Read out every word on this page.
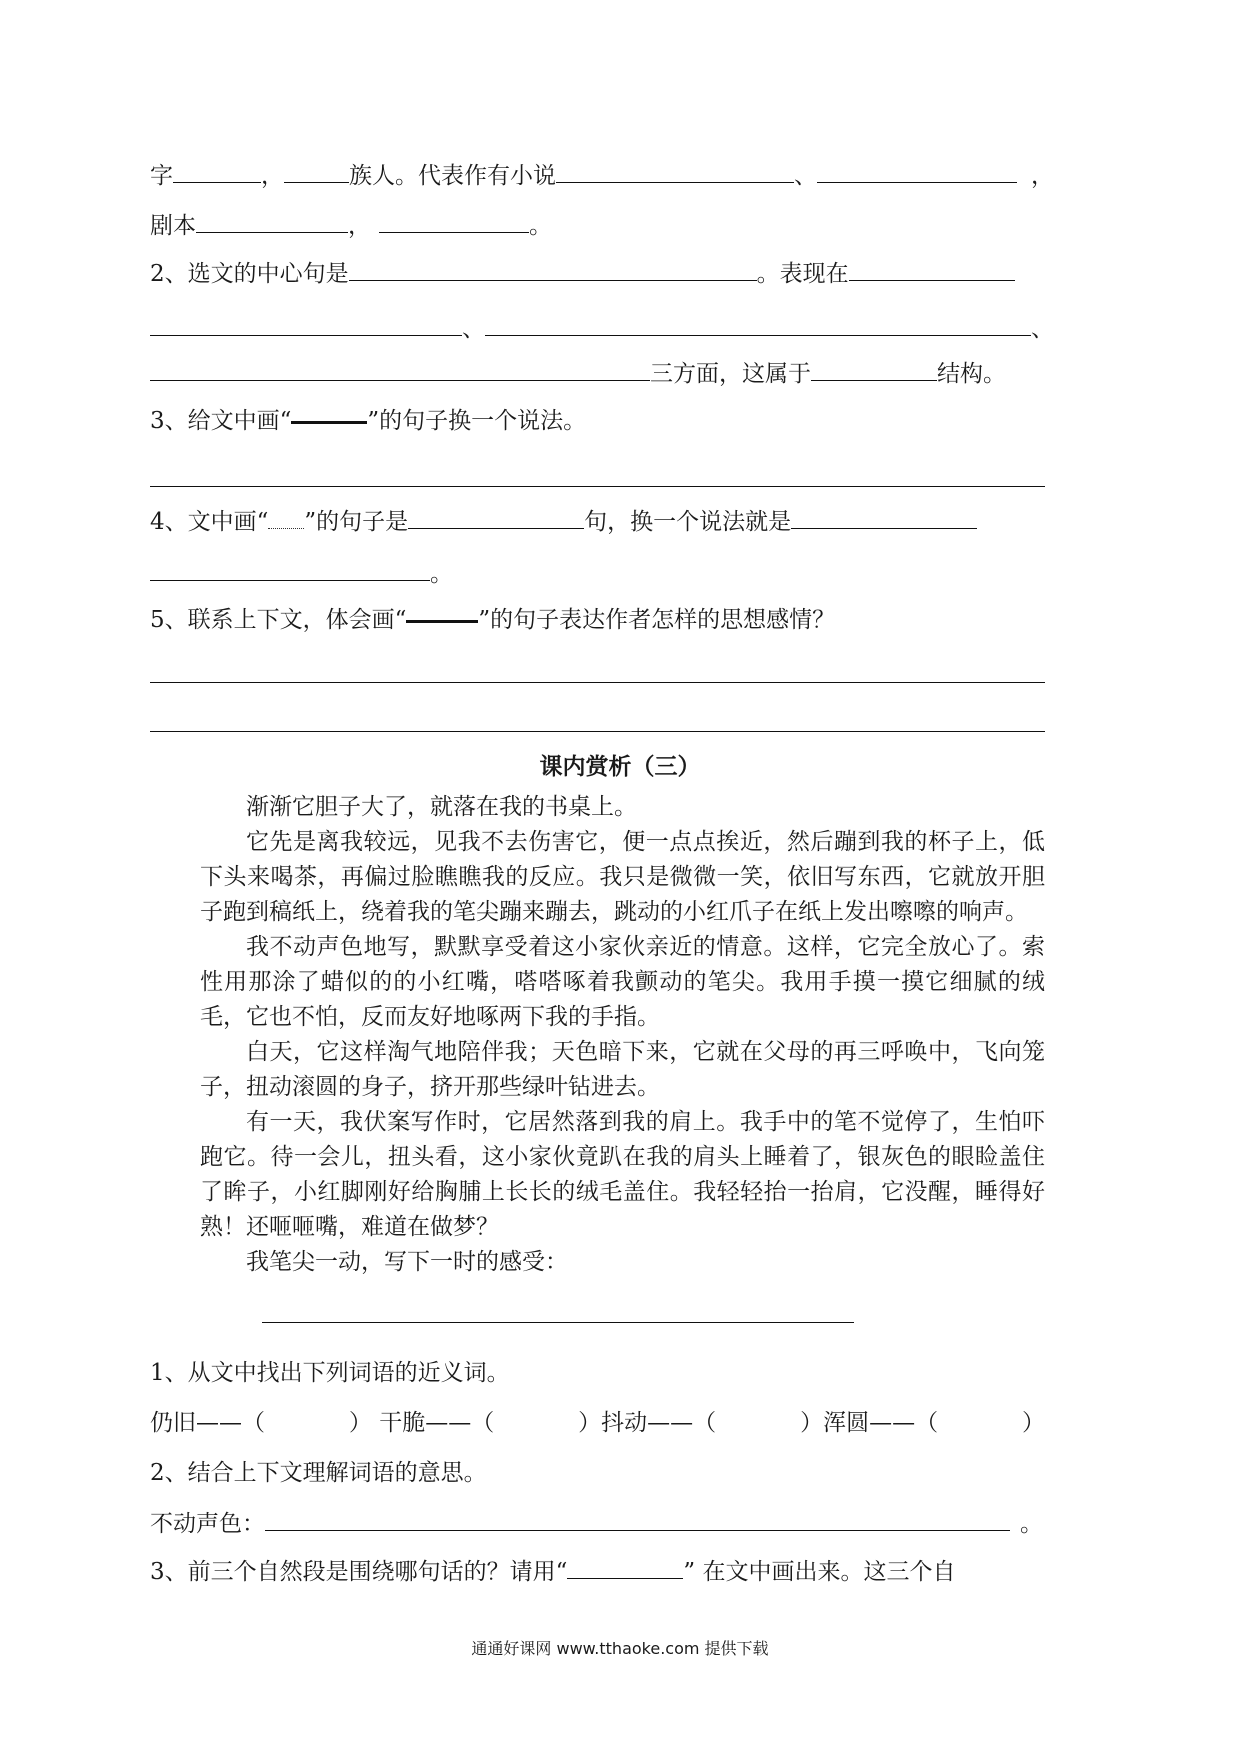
字	，	族人。代表作有小说	、	，
剧本	，	。
2、选文的中心句是	。表现在
、	、
三方面，这属于	结构。
3、给文中画“	”的句子换一个说法。
4、文中画“ ”的句子是	句，换一个说法就是
。
5、联系上下文，体会画“	”的句子表达作者怎样的思想感情？
课内赏析（三）

渐渐它胆子大了，就落在我的书桌上。

它先是离我较远，见我不去伤害它，便一点点挨近，然后蹦到我的杯子上，低下头来喝茶，再偏过脸瞧瞧我的反应。我只是微微一笑，依旧写东西，它就放开胆子跑到稿纸上，绕着我的笔尖蹦来蹦去，跳动的小红爪子在纸上发出嚓嚓的响声。

我不动声色地写，默默享受着这小家伙亲近的情意。这样，它完全放心了。索性用那涂了蜡似的的小红嘴，嗒嗒啄着我颤动的笔尖。我用手摸一摸它细腻的绒毛，它也不怕，反而友好地啄两下我的手指。

白天，它这样淘气地陪伴我；天色暗下来，它就在父母的再三呼唤中，飞向笼子，扭动滚圆的身子，挤开那些绿叶钻进去。

有一天，我伏案写作时，它居然落到我的肩上。我手中的笔不觉停了，生怕吓跑它。待一会儿，扭头看，这小家伙竟趴在我的肩头上睡着了，银灰色的眼睑盖住了眸子，小红脚刚好给胸脯上长长的绒毛盖住。我轻轻抬一抬肩，它没醒，睡得好熟！还咂咂嘴，难道在做梦？

我笔尖一动，写下一时的感受：

1、从文中找出下列词语的近义词。
仍旧——（	） 干脆——（	）抖动——（	）浑圆——（	）
2、结合上下文理解词语的意思。
不动声色：	。
3、前三个自然段是围绕哪句话的？请用“	” 在文中画出来。这三个自
通通好课网 www.tthaoke.com 提供下载
